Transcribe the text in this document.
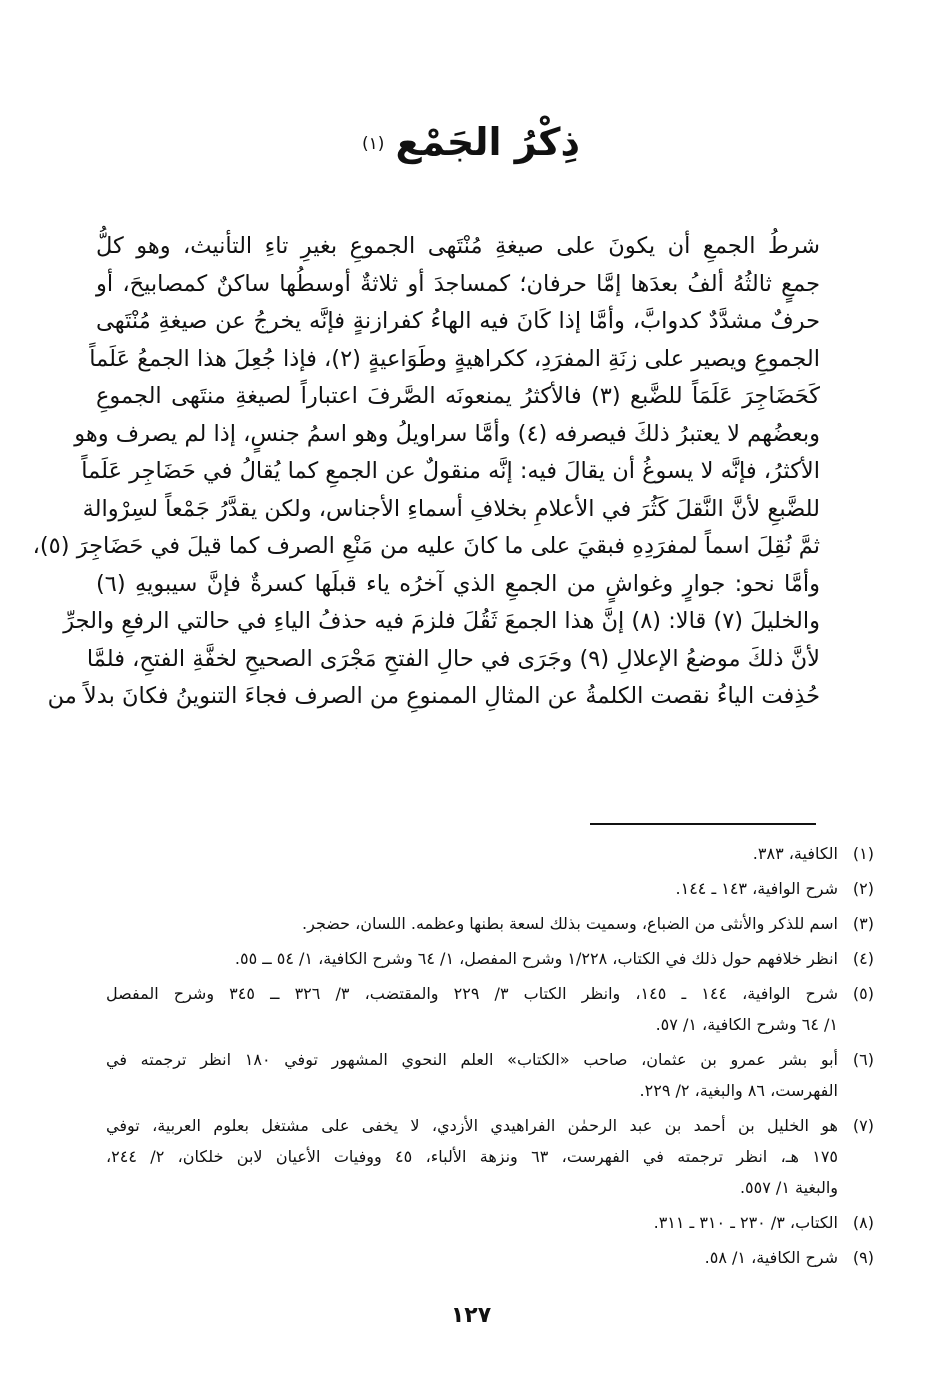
ذِكْرُ الجَمْع (١)
شرطُ الجمعِ أن يكونَ على صيغةِ مُنْتَهى الجموعِ بغيرِ تاءِ التأنيث، وهو كلُّ
جمعٍ ثالثُهُ ألفُ بعدَها إمَّا حرفان؛ كمساجدَ أو ثلاثةٌ أوسطُها ساكنٌ كمصابيحَ، أو
حرفٌ مشدَّدٌ كدوابَّ، وأمَّا إذا كَانَ فيه الهاءُ كفرازنةٍ فإنَّه يخرجُ عن صيغةِ مُنْتَهى
الجموعِ ويصير على زنَةِ المفرَدِ، ككراهيةٍ وطَوَاعيةٍ (٢)، فإذا جُعِلَ هذا الجمعُ عَلَماً
كَحَضَاجِرَ عَلَمَاً للضَّبع (٣) فالأكثرُ يمنعونَه الصَّرفَ اعتباراً لصيغةِ منتَهى الجموعِ
وبعضُهم لا يعتبرُ ذلكَ فيصرفه (٤) وأمَّا سراويلُ وهو اسمُ جنسٍ، إذا لم يصرف وهو
الأكثرُ، فإنَّه لا يسوغُ أن يقالَ فيه: إنَّه منقولٌ عن الجمعِ كما يُقالُ في حَضَاجِر عَلَماً
للضَّبعِ لأنَّ النَّقلَ كَثُرَ في الأعلامِ بخلافِ أسماءِ الأجناس، ولكن يقدَّرُ جَمْعاً لسِرْوالة
ثمَّ نُقِلَ اسماً لمفرَدِهِ فبقيَ على ما كانَ عليه من مَنْعِ الصرف كما قيلَ في حَضَاجِرَ (٥)،
وأمَّا نحو: جوارٍ وغواشٍ من الجمعِ الذي آخرُه ياء قبلَها كسرةٌ فإنَّ سيبويهِ (٦)
والخليلَ (٧) قالا: (٨) إنَّ هذا الجمعَ ثَقُلَ فلزمَ فيه حذفُ الياءِ في حالتي الرفعِ والجرِّ
لأنَّ ذلكَ موضعُ الإعلالِ (٩) وجَرَى في حالِ الفتحِ مَجْرَى الصحيحِ لخفَّةِ الفتحِ، فلمَّا
حُذِفت الياءُ نقصت الكلمةُ عن المثالِ الممنوعِ من الصرف فجاءَ التنوينُ فكانَ بدلاً من
(١)
الكافية، ٣٨٣.
(٢)
شرح الوافية، ١٤٣ ـ ١٤٤.
(٣)
اسم للذكر والأنثى من الضباع، وسميت بذلك لسعة بطنها وعظمه. اللسان، حضجر.
(٤)
انظر خلافهم حول ذلك في الكتاب، ١/٢٢٨ وشرح المفصل، ١/ ٦٤ وشرح الكافية، ١/ ٥٤ ــ ٥٥.
(٥)
شرح الوافية، ١٤٤ ـ ١٤٥، وانظر الكتاب ٣/ ٢٢٩ والمقتضب، ٣/ ٣٢٦ ــ ٣٤٥ وشرح المفصل
١/ ٦٤ وشرح الكافية، ١/ ٥٧.
(٦)
أبو بشر عمرو بن عثمان، صاحب «الكتاب» العلم النحوي المشهور توفي ١٨٠ انظر ترجمته في
الفهرست، ٨٦ والبغية، ٢/ ٢٢٩.
(٧)
هو الخليل بن أحمد بن عبد الرحمٰن الفراهيدي الأزدي، لا يخفى على مشتغل بعلوم العربية، توفي
١٧٥ هـ، انظر ترجمته في الفهرست، ٦٣ ونزهة الألباء، ٤٥ ووفيات الأعيان لابن خلكان، ٢/ ٢٤٤،
والبغية ١/ ٥٥٧.
(٨)
الكتاب، ٣/ ٢٣٠ ـ ٣١٠ ـ ٣١١.
(٩)
شرح الكافية، ١/ ٥٨.
١٢٧
